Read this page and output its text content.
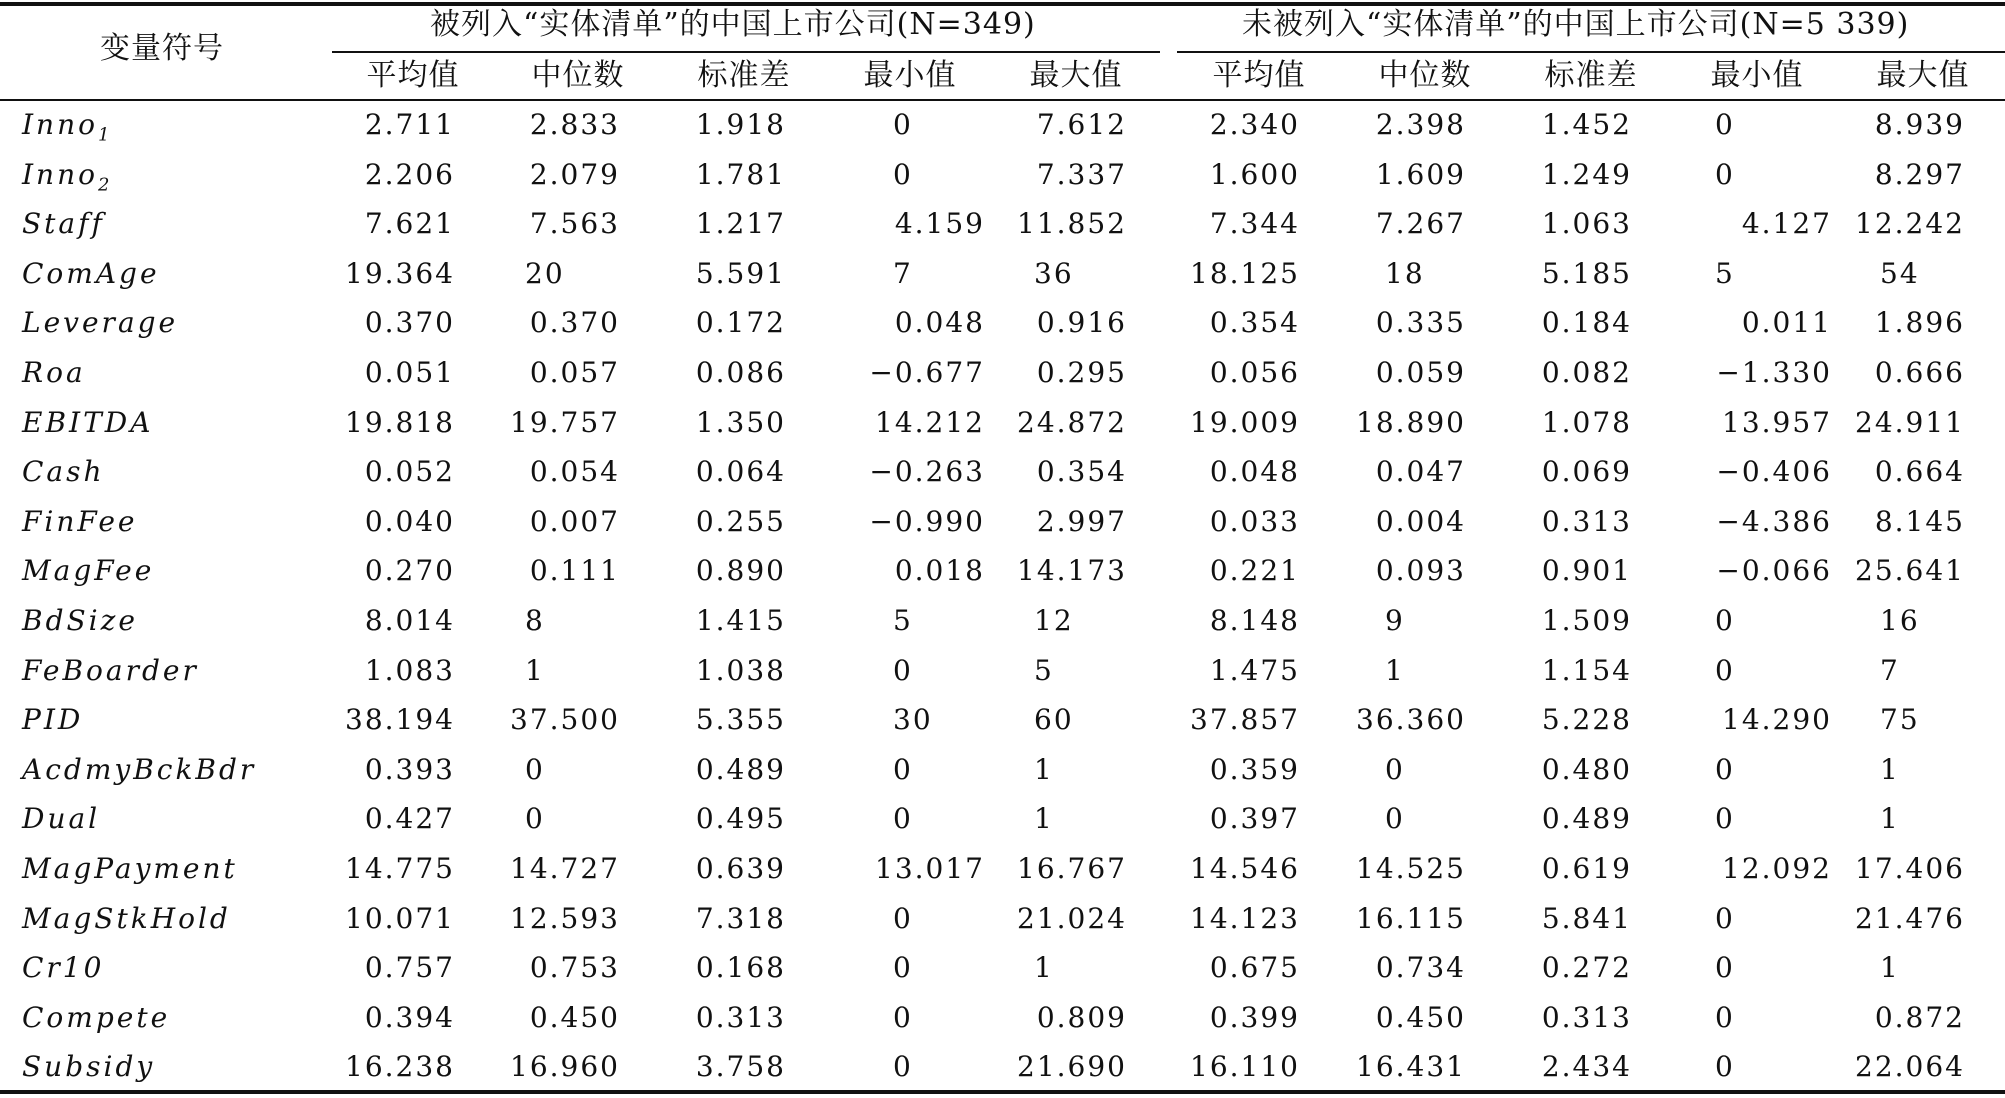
变量符号
被列入“实体清单”的中国上市公司(N=349)	未被列入“实体清单”的中国上市公司(N=5 339)
平均值 中位数 标准差 最小值 最大值	平均值 中位数 标准差 最小值 最大值
Inno$_1$	2.711	2.833	1.918	0	7.612	2.340	2.398	1.452	0	8.939
Inno$_2$	2.206	2.079	1.781	0	7.337	1.600	1.609	1.249	0	8.297
Staff	7.621	7.563	1.217	4.159 11.852	7.344	7.267	1.063	4.127 12.242
ComAge	19.364	20	5.591	7	36	18.125	18	5.185	5	54
Leverage	0.370	0.370	0.172	0.048 0.916	0.354	0.335	0.184	0.011 1.896
Roa	0.051	0.057	0.086	−0.677 0.295	0.056	0.059	0.082	−1.330 0.666
EBITDA	19.818 19.757	1.350	14.212 24.872 19.009 18.890	1.078	13.957 24.911
Cash	0.052	0.054	0.064	−0.263 0.354	0.048	0.047	0.069	−0.406 0.664
FinFee	0.040	0.007	0.255	−0.990 2.997	0.033	0.004	0.313	−4.386 8.145
MagFee	0.270	0.111	0.890	0.018 14.173	0.221	0.093	0.901	−0.066 25.641
BdSize	8.014	8	1.415	5	12	8.148	9	1.509	0	16
FeBoarder	1.083	1	1.038	0	5	1.475	1	1.154	0	7
PID	38.194 37.500	5.355	30	60	37.857 36.360	5.228	14.290 75
AcdmyBckBdr	0.393	0	0.489	0	1	0.359	0	0.480	0	1
Dual	0.427	0	0.495	0	1	0.397	0	0.489	0	1
MagPayment	14.775 14.727	0.639	13.017 16.767 14.546 14.525	0.619	12.092 17.406
MagStkHold	10.071 12.593	7.318	0	21.024 14.123 16.115	5.841	0	21.476
Cr10	0.757	0.753	0.168	0	1	0.675	0.734	0.272	0	1
Compete	0.394	0.450	0.313	0	0.809	0.399	0.450	0.313	0	0.872
Subsidy	16.238 16.960	3.758	0	21.690 16.110 16.431	2.434	0	22.064
